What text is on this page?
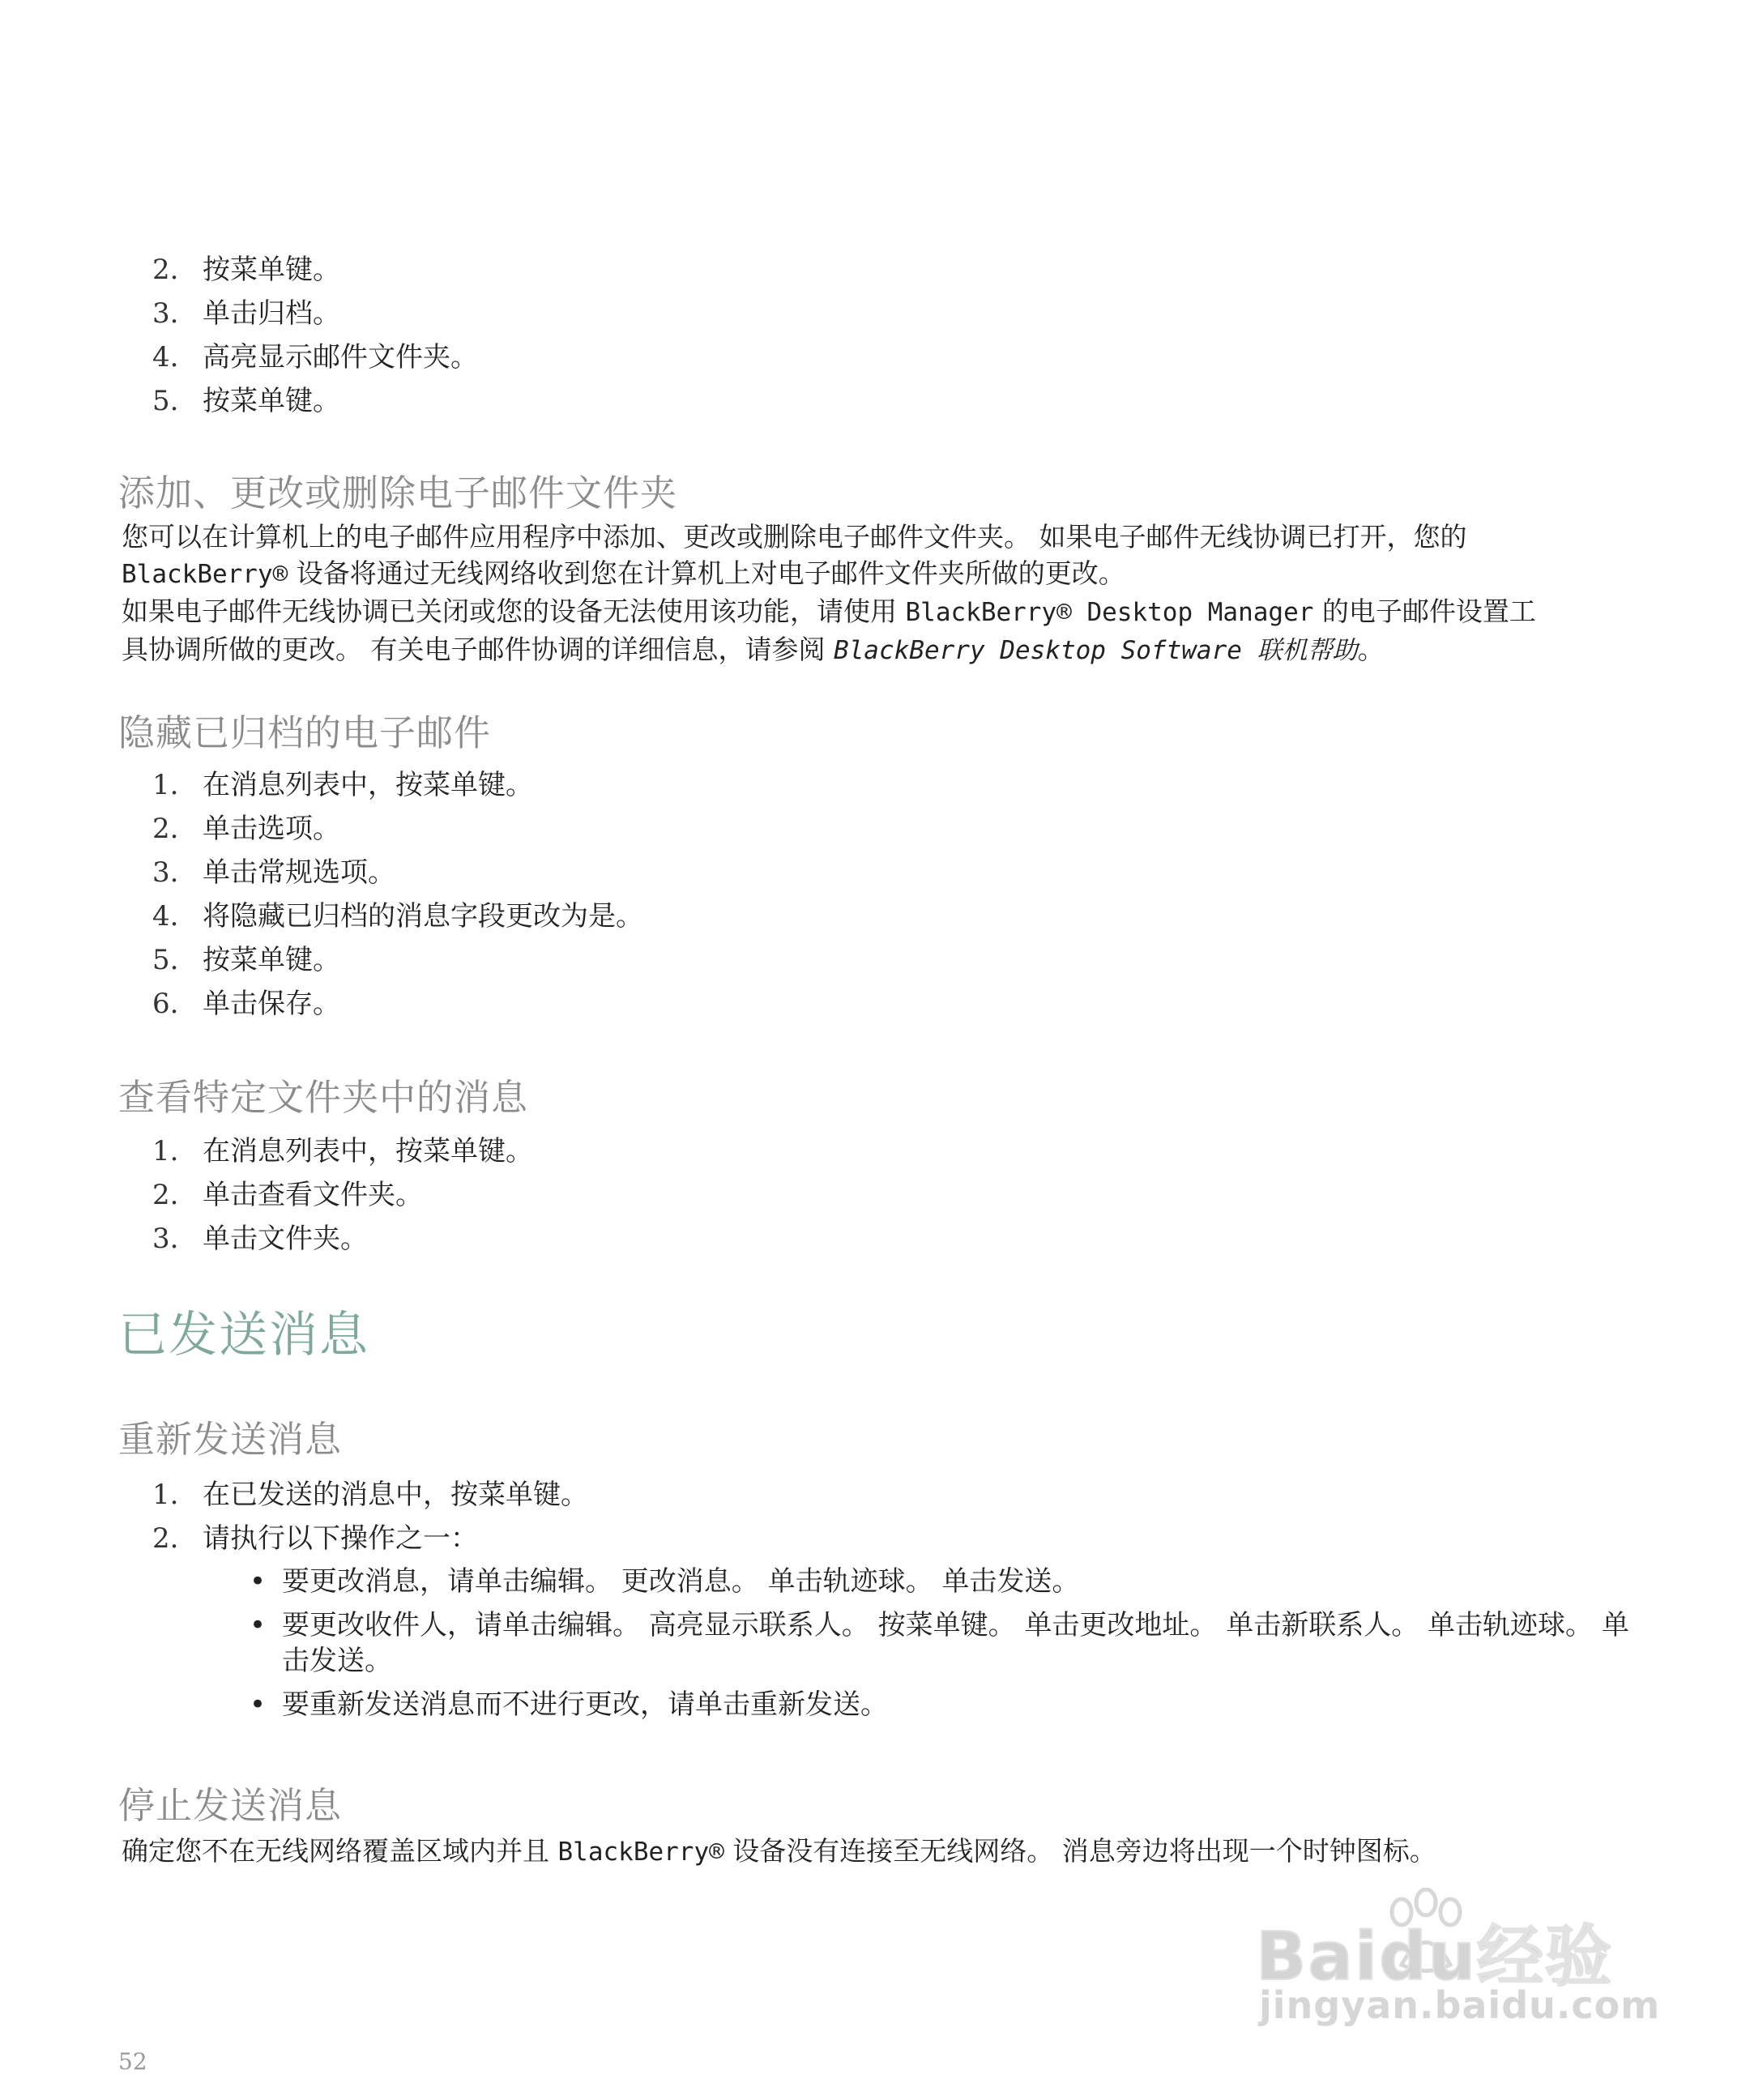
2. 按菜单键。
3. 单击归档。
4. 高亮显示邮件文件夹。
5. 按菜单键。
添加、更改或删除电子邮件文件夹

您可以在计算机上的电子邮件应用程序中添加、更改或删除电子邮件文件夹。 如果电子邮件无线协调已打开，您的
BlackBerry® 设备将通过无线网络收到您在计算机上对电子邮件文件夹所做的更改。
如果电子邮件无线协调已关闭或您的设备无法使用该功能，请使用 BlackBerry® Desktop Manager 的电子邮件设置工
具协调所做的更改。 有关电子邮件协调的详细信息，请参阅 BlackBerry Desktop Software 联机帮助。

隐藏已归档的电子邮件
1. 在消息列表中，按菜单键。
2. 单击选项。
3. 单击常规选项。
4. 将隐藏已归档的消息字段更改为是。
5. 按菜单键。
6. 单击保存。
查看特定文件夹中的消息
1. 在消息列表中，按菜单键。
2. 单击查看文件夹。
3. 单击文件夹。
已发送消息
重新发送消息
1. 在已发送的消息中，按菜单键。
2. 请执行以下操作之一：
• 要更改消息，请单击编辑。 更改消息。 单击轨迹球。 单击发送。
• 要更改收件人，请单击编辑。 高亮显示联系人。 按菜单键。 单击更改地址。 单击新联系人。 单击轨迹球。 单击发送。
• 要重新发送消息而不进行更改，请单击重新发送。
停止发送消息

确定您不在无线网络覆盖区域内并且 BlackBerry® 设备没有连接至无线网络。 消息旁边将出现一个时钟图标。

Baidu经验
jingyan.baidu.com
52
